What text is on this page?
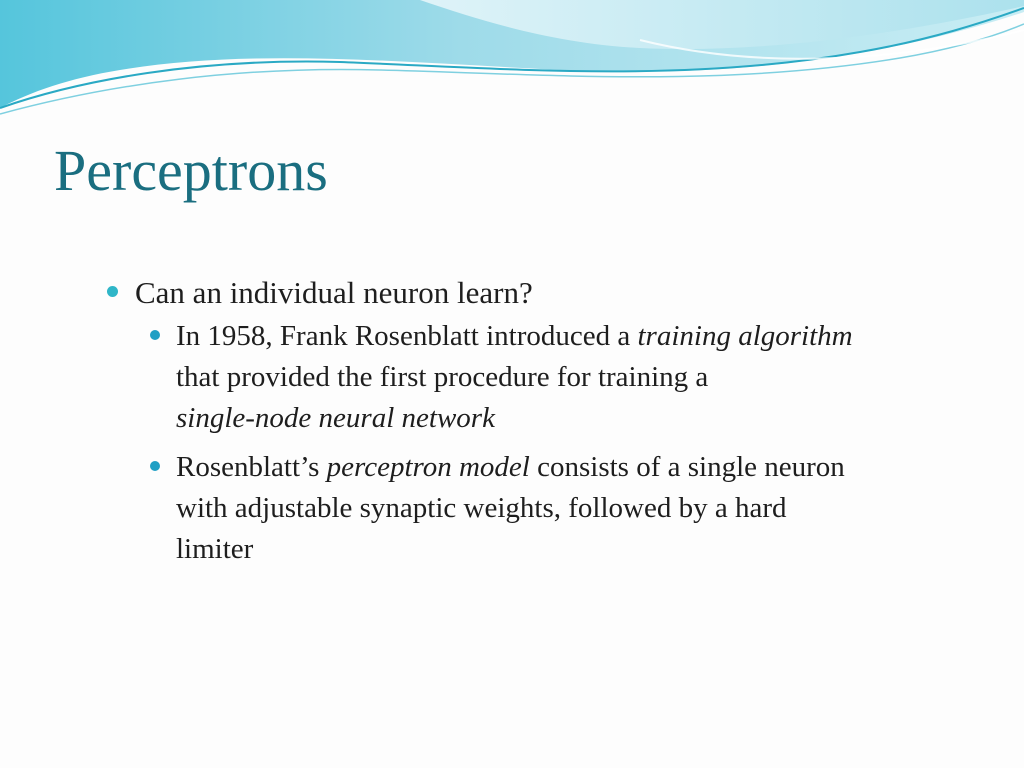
Perceptrons
Can an individual neuron learn?
In 1958, Frank Rosenblatt introduced a training algorithm
that provided the first procedure for training a
single-node neural network
Rosenblatt’s perceptron model consists of a single neuron
with adjustable synaptic weights, followed by a hard
limiter
